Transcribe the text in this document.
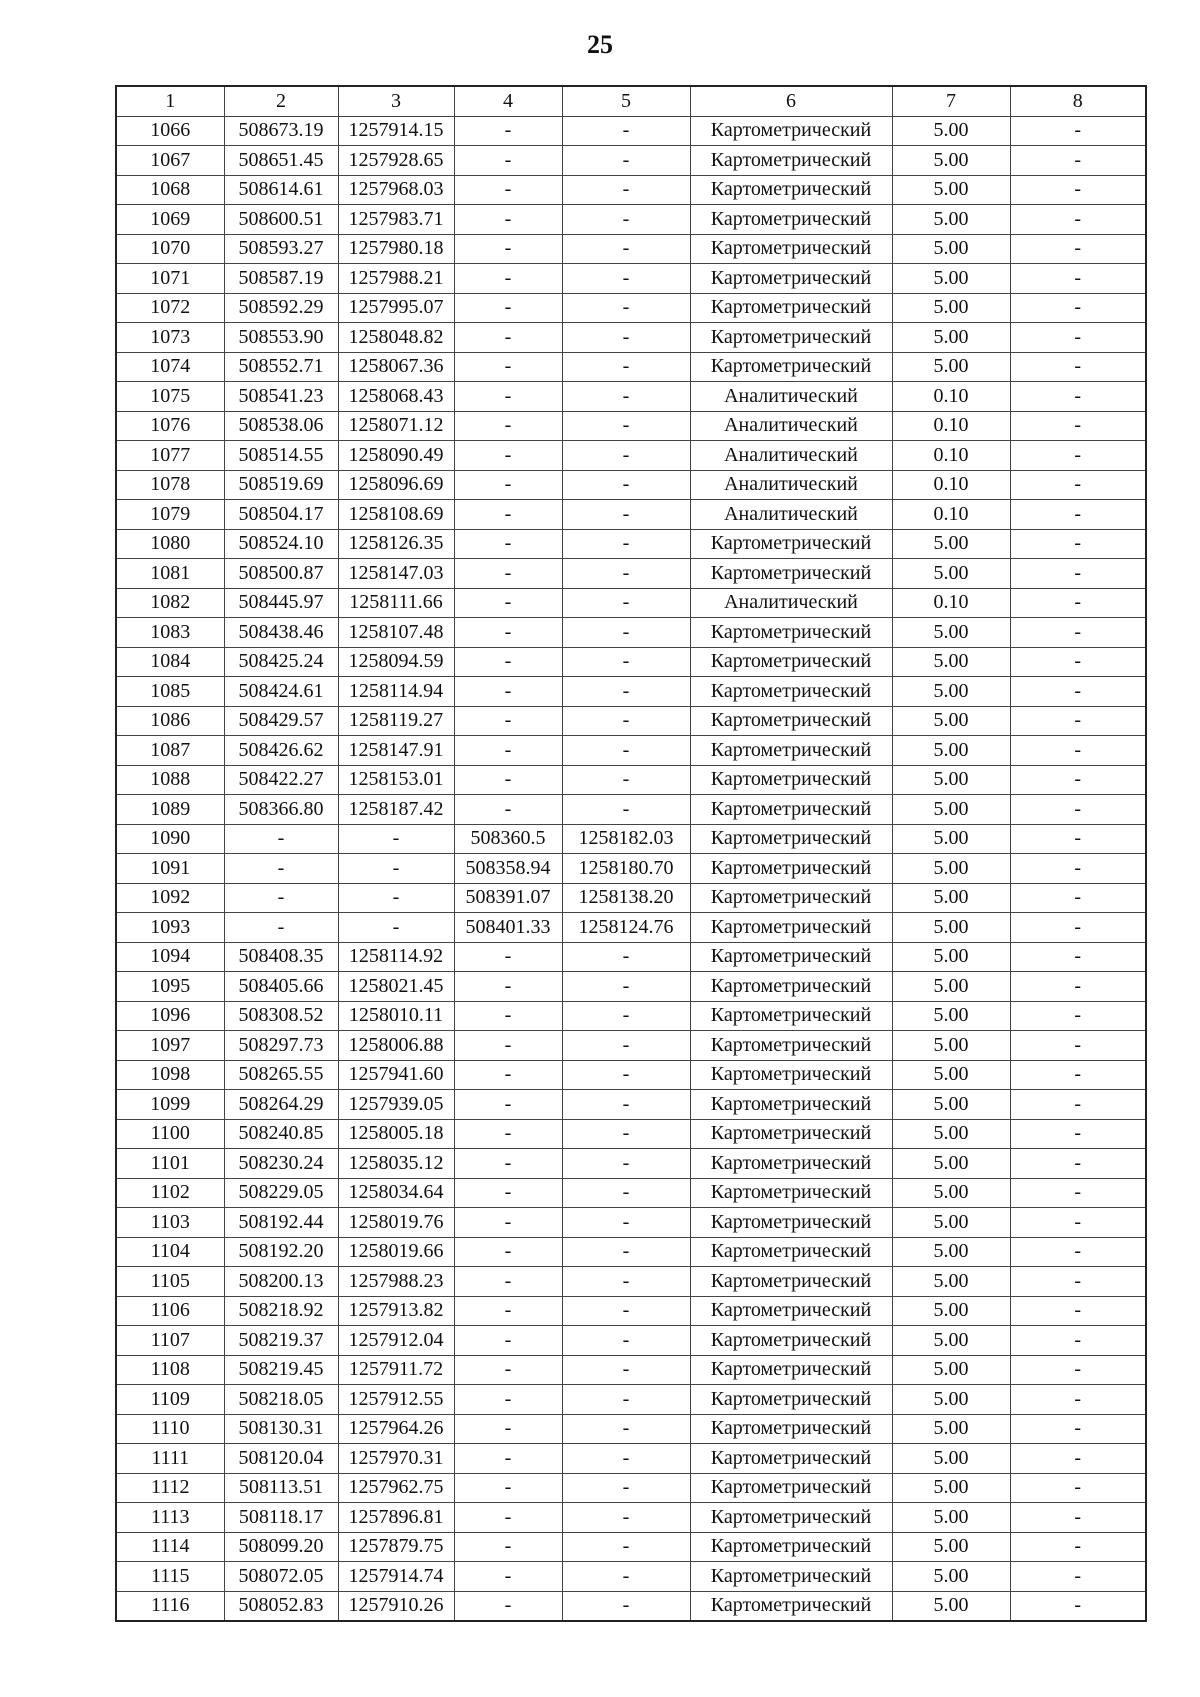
25
1	2	3	4	5	6	7	8
1066	508673.19	1257914.15	-	-	Картометрический	5.00	-
1067	508651.45	1257928.65	-	-	Картометрический	5.00	-
1068	508614.61	1257968.03	-	-	Картометрический	5.00	-
1069	508600.51	1257983.71	-	-	Картометрический	5.00	-
1070	508593.27	1257980.18	-	-	Картометрический	5.00	-
1071	508587.19	1257988.21	-	-	Картометрический	5.00	-
1072	508592.29	1257995.07	-	-	Картометрический	5.00	-
1073	508553.90	1258048.82	-	-	Картометрический	5.00	-
1074	508552.71	1258067.36	-	-	Картометрический	5.00	-
1075	508541.23	1258068.43	-	-	Аналитический	0.10	-
1076	508538.06	1258071.12	-	-	Аналитический	0.10	-
1077	508514.55	1258090.49	-	-	Аналитический	0.10	-
1078	508519.69	1258096.69	-	-	Аналитический	0.10	-
1079	508504.17	1258108.69	-	-	Аналитический	0.10	-
1080	508524.10	1258126.35	-	-	Картометрический	5.00	-
1081	508500.87	1258147.03	-	-	Картометрический	5.00	-
1082	508445.97	1258111.66	-	-	Аналитический	0.10	-
1083	508438.46	1258107.48	-	-	Картометрический	5.00	-
1084	508425.24	1258094.59	-	-	Картометрический	5.00	-
1085	508424.61	1258114.94	-	-	Картометрический	5.00	-
1086	508429.57	1258119.27	-	-	Картометрический	5.00	-
1087	508426.62	1258147.91	-	-	Картометрический	5.00	-
1088	508422.27	1258153.01	-	-	Картометрический	5.00	-
1089	508366.80	1258187.42	-	-	Картометрический	5.00	-
1090	-	-	508360.5	1258182.03	Картометрический	5.00	-
1091	-	-	508358.94	1258180.70	Картометрический	5.00	-
1092	-	-	508391.07	1258138.20	Картометрический	5.00	-
1093	-	-	508401.33	1258124.76	Картометрический	5.00	-
1094	508408.35	1258114.92	-	-	Картометрический	5.00	-
1095	508405.66	1258021.45	-	-	Картометрический	5.00	-
1096	508308.52	1258010.11	-	-	Картометрический	5.00	-
1097	508297.73	1258006.88	-	-	Картометрический	5.00	-
1098	508265.55	1257941.60	-	-	Картометрический	5.00	-
1099	508264.29	1257939.05	-	-	Картометрический	5.00	-
1100	508240.85	1258005.18	-	-	Картометрический	5.00	-
1101	508230.24	1258035.12	-	-	Картометрический	5.00	-
1102	508229.05	1258034.64	-	-	Картометрический	5.00	-
1103	508192.44	1258019.76	-	-	Картометрический	5.00	-
1104	508192.20	1258019.66	-	-	Картометрический	5.00	-
1105	508200.13	1257988.23	-	-	Картометрический	5.00	-
1106	508218.92	1257913.82	-	-	Картометрический	5.00	-
1107	508219.37	1257912.04	-	-	Картометрический	5.00	-
1108	508219.45	1257911.72	-	-	Картометрический	5.00	-
1109	508218.05	1257912.55	-	-	Картометрический	5.00	-
1110	508130.31	1257964.26	-	-	Картометрический	5.00	-
1111	508120.04	1257970.31	-	-	Картометрический	5.00	-
1112	508113.51	1257962.75	-	-	Картометрический	5.00	-
1113	508118.17	1257896.81	-	-	Картометрический	5.00	-
1114	508099.20	1257879.75	-	-	Картометрический	5.00	-
1115	508072.05	1257914.74	-	-	Картометрический	5.00	-
1116	508052.83	1257910.26	-	-	Картометрический	5.00	-
